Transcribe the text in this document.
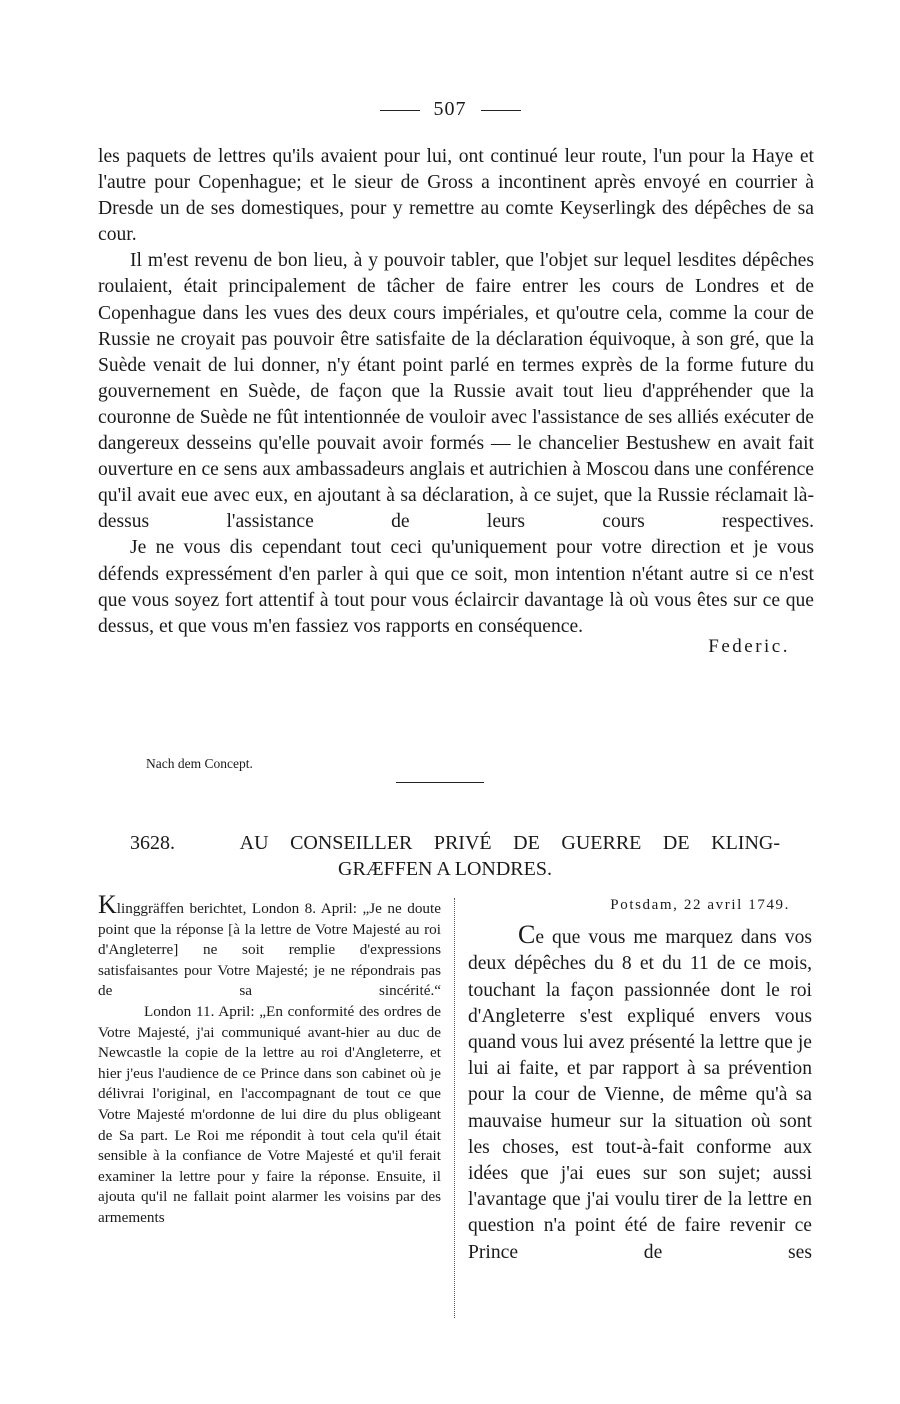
507

les paquets de lettres qu'ils avaient pour lui, ont continué leur route, l'un pour la Haye et l'autre pour Copenhague; et le sieur de Gross a incontinent après envoyé en courrier à Dresde un de ses domestiques, pour y remettre au comte Keyserlingk des dépêches de sa cour.

Il m'est revenu de bon lieu, à y pouvoir tabler, que l'objet sur lequel lesdites dépêches roulaient, était principalement de tâcher de faire entrer les cours de Londres et de Copenhague dans les vues des deux cours impériales, et qu'outre cela, comme la cour de Russie ne croyait pas pouvoir être satisfaite de la déclaration équivoque, à son gré, que la Suède venait de lui donner, n'y étant point parlé en termes exprès de la forme future du gouvernement en Suède, de façon que la Russie avait tout lieu d'appréhender que la couronne de Suède ne fût intentionnée de vouloir avec l'assistance de ses alliés exécuter de dangereux desseins qu'elle pouvait avoir formés — le chancelier Bestushew en avait fait ouverture en ce sens aux ambassadeurs anglais et autrichien à Moscou dans une conférence qu'il avait eue avec eux, en ajoutant à sa déclaration, à ce sujet, que la Russie réclamait là-dessus l'assistance de leurs cours respectives.

Je ne vous dis cependant tout ceci qu'uniquement pour votre direction et je vous défends expressément d'en parler à qui que ce soit, mon intention n'étant autre si ce n'est que vous soyez fort attentif à tout pour vous éclaircir davantage là où vous êtes sur ce que dessus, et que vous m'en fassiez vos rapports en conséquence.

Federic.
Nach dem Concept.
3628.	AU CONSEILLER PRIVÉ DE GUERRE DE KLING-
GRÆFFEN A LONDRES.

Klinggräffen berichtet, London 8. April: „Je ne doute point que la réponse [à la lettre de Votre Majesté au roi d'Angleterre] ne soit remplie d'expressions satisfaisantes pour Votre Majesté; je ne répondrais pas de sa sincérité.“

London 11. April: „En conformité des ordres de Votre Majesté, j'ai communiqué avant-hier au duc de Newcastle la copie de la lettre au roi d'Angleterre, et hier j'eus l'audience de ce Prince dans son cabinet où je délivrai l'original, en l'accompagnant de tout ce que Votre Majesté m'ordonne de lui dire du plus obligeant de Sa part. Le Roi me répondit à tout cela qu'il était sensible à la confiance de Votre Majesté et qu'il ferait examiner la lettre pour y faire la réponse. Ensuite, il ajouta qu'il ne fallait point alarmer les voisins par des armements

Potsdam, 22 avril 1749.

Ce que vous me marquez dans vos deux dépêches du 8 et du 11 de ce mois, touchant la façon passionnée dont le roi d'Angleterre s'est expliqué envers vous quand vous lui avez présenté la lettre que je lui ai faite, et par rapport à sa prévention pour la cour de Vienne, de même qu'à sa mauvaise humeur sur la situation où sont les choses, est tout-à-fait conforme aux idées que j'ai eues sur son sujet; aussi l'avantage que j'ai voulu tirer de la lettre en question n'a point été de faire revenir ce Prince de ses
